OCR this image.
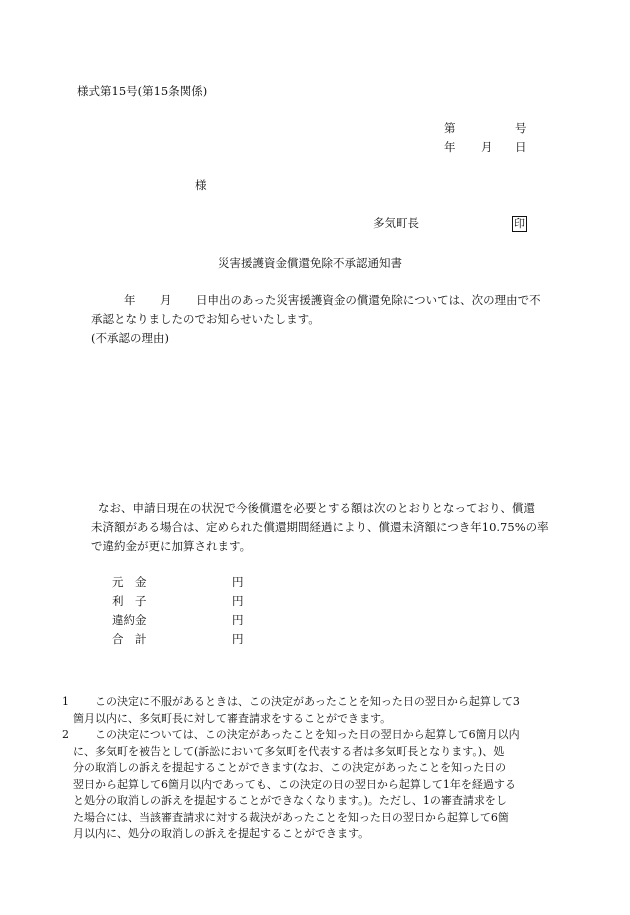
様式第15号(第15条関係)
第	号
年 月 日
様
多気町長	印
災害援護資金償還免除不承認通知書
年 月 日申出のあった災害援護資金の償還免除については、次の理由で不
承認となりましたのでお知らせいたします。
(不承認の理由)
なお、申請日現在の状況で今後償還を必要とする額は次のとおりとなっており、償還
未済額がある場合は、定められた償還期間経過により、償還未済額につき年10.75%の率
で違約金が更に加算されます。
元　金	円
利　子	円
違約金	円
合　計	円
1	この決定に不服があるときは、この決定があったことを知った日の翌日から起算して3
箇月以内に、多気町長に対して審査請求をすることができます。
2	この決定については、この決定があったことを知った日の翌日から起算して6箇月以内
に、多気町を被告として(訴訟において多気町を代表する者は多気町長となります。)、処
分の取消しの訴えを提起することができます(なお、この決定があったことを知った日の
翌日から起算して6箇月以内であっても、この決定の日の翌日から起算して1年を経過する
と処分の取消しの訴えを提起することができなくなります。)。ただし、1の審査請求をし
た場合には、当該審査請求に対する裁決があったことを知った日の翌日から起算して6箇
月以内に、処分の取消しの訴えを提起することができます。
